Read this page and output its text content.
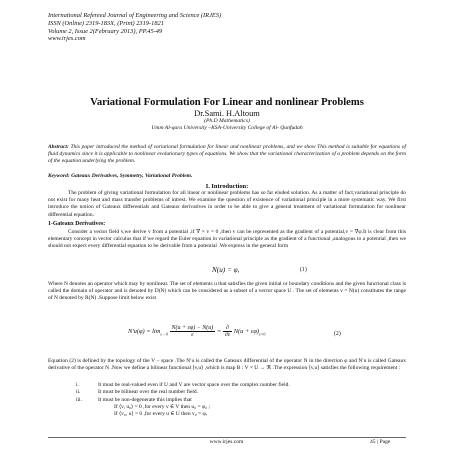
International Refereed Journal of Engineering and Science (IRJES)
ISSN (Online) 2319-183X, (Print) 2319-1821
Volume 2, Issue 2(February 2013), PP.45-49
www.irjes.com
Variational Formulation For Linear and nonlinear Problems
Dr.Sami. H.Altoum
(Ph.D Mathematics)
Umm Al-qura University –KSA-University College of Al- Qunfudah
Abstract: This paper introduced the method of variational formulation for linear and nonlinear problems, and we show This method is suitable for equations of fluid dynamics since it is applicable to nonlinear evolutionary types of equations. We show that the variational characterization of a problem depends on the form of the equation underlying the problem.
Keyword: Gateaux Derivatives, Symmetry, Variational Problem.
I. Introduction:
The problem of giving variational formulation for all linear or nonlinear problems has so far eluded solution. As a matter of fact,variational principle do not exist for many heat and mass transfer problems of intrest. We examine the question of existence of variational principle in a more systematic way. We first introduce the notion of Gateaux differentials and Gateaux derivatives in order to be able to give a general treatment of variational formulation for nonlinear differential equation.
1-Gateaux Derivatives:
Consider a vector field v,we derive v from a potential ,if ∇ × v = 0 ,then v can be represented as the gradient of a potential,v = ∇φ.It is clear from this elementary concept in vector calculus that if we regard the Euler equation in variational principle as the gradient of a functional ,analogous to a potential ,then we should not expect every differential equation to be derivable from a potential .We express in the general form
N(u) = φ,	(1)
Where N denotes an operator which may by nonlinear. The set of elements u that satisfies the given initial or boundary conditions and the given functional class is called the domain of operator and is denoted by D(N) which can be considered as a subset of a vector space U . The set of elements v = N(u) constitutes the range of N denoted by R(N) .Suppose limit below exist
$N'u(\varphi) = \lim_{\varepsilon\to 0} \frac{N(u + \varepsilon\varphi) - N(u)}{\varepsilon} = \frac{\partial}{\partial\varepsilon} N(u + \varepsilon\varphi)_{\varepsilon=0}$	(2)
Equation (2) is defined by the topology of the V − space .The N′u is called the Gateaux differential of the operator N in the direction φ and N′u is called Gateaux derivative of the operator N .Now we define a bilinear functional ⟨v,u⟩ ,which is map B : V × U → ℜ .The expression ⟨v,u⟩ satisfies the following requirement :
i.	It must be real-valued even if U and V are vector space over the complex number field.
ii.	It must be bilinear over the real number field.
iii.	It must be non-degenerate this implies that
If ⟨v, u₀⟩ = 0 ,for every v ∈ V then u₀ = φ₀ ;
If ⟨v₀, u⟩ = 0 ,for every u ∈ U then v₀ = φᵥ
www.irjes.com	45 | Page
